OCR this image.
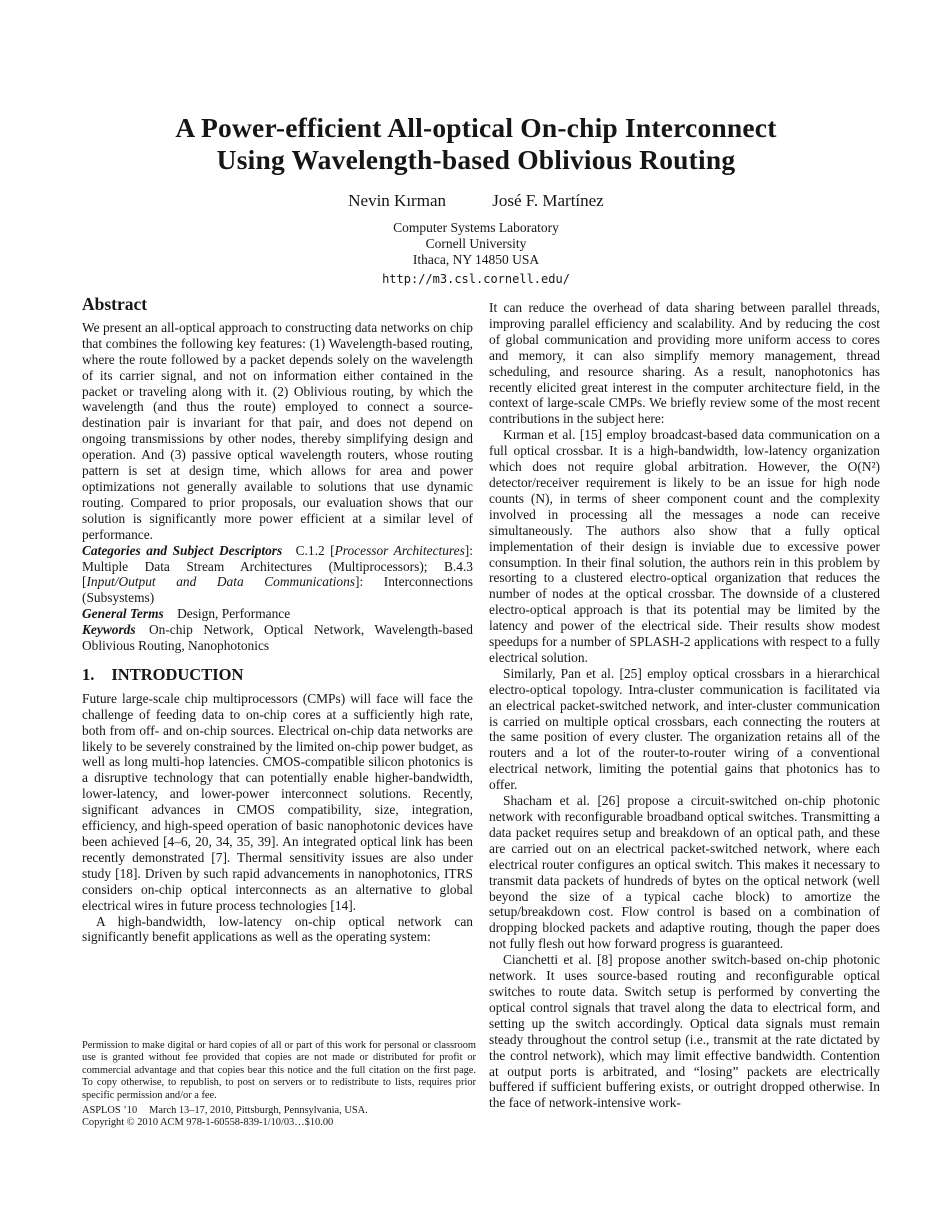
A Power-efficient All-optical On-chip Interconnect
Using Wavelength-based Oblivious Routing
Nevin Kırman	José F. Martínez
Computer Systems Laboratory
Cornell University
Ithaca, NY 14850 USA
http://m3.csl.cornell.edu/
Abstract

We present an all-optical approach to constructing data networks on chip that combines the following key features: (1) Wavelength-based routing, where the route followed by a packet depends solely on the wavelength of its carrier signal, and not on information either contained in the packet or traveling along with it. (2) Oblivious routing, by which the wavelength (and thus the route) employed to connect a source-destination pair is invariant for that pair, and does not depend on ongoing transmissions by other nodes, thereby simplifying design and operation. And (3) passive optical wavelength routers, whose routing pattern is set at design time, which allows for area and power optimizations not generally available to solutions that use dynamic routing. Compared to prior proposals, our evaluation shows that our solution is significantly more power efficient at a similar level of performance.

Categories and Subject Descriptors C.1.2 [Processor Architectures]: Multiple Data Stream Architectures (Multiprocessors); B.4.3 [Input/Output and Data Communications]: Interconnections (Subsystems)

General Terms Design, Performance

Keywords On-chip Network, Optical Network, Wavelength-based Oblivious Routing, Nanophotonics

1. INTRODUCTION

Future large-scale chip multiprocessors (CMPs) will face will face the challenge of feeding data to on-chip cores at a sufficiently high rate, both from off- and on-chip sources. Electrical on-chip data networks are likely to be severely constrained by the limited on-chip power budget, as well as long multi-hop latencies. CMOS-compatible silicon photonics is a disruptive technology that can potentially enable higher-bandwidth, lower-latency, and lower-power interconnect solutions. Recently, significant advances in CMOS compatibility, size, integration, efficiency, and high-speed operation of basic nanophotonic devices have been achieved [4–6, 20, 34, 35, 39]. An integrated optical link has been recently demonstrated [7]. Thermal sensitivity issues are also under study [18]. Driven by such rapid advancements in nanophotonics, ITRS considers on-chip optical interconnects as an alternative to global electrical wires in future process technologies [14].

A high-bandwidth, low-latency on-chip optical network can significantly benefit applications as well as the operating system:

It can reduce the overhead of data sharing between parallel threads, improving parallel efficiency and scalability. And by reducing the cost of global communication and providing more uniform access to cores and memory, it can also simplify memory management, thread scheduling, and resource sharing. As a result, nanophotonics has recently elicited great interest in the computer architecture field, in the context of large-scale CMPs. We briefly review some of the most recent contributions in the subject here:

Kırman et al. [15] employ broadcast-based data communication on a full optical crossbar. It is a high-bandwidth, low-latency organization which does not require global arbitration. However, the O(N²) detector/receiver requirement is likely to be an issue for high node counts (N), in terms of sheer component count and the complexity involved in processing all the messages a node can receive simultaneously. The authors also show that a fully optical implementation of their design is inviable due to excessive power consumption. In their final solution, the authors rein in this problem by resorting to a clustered electro-optical organization that reduces the number of nodes at the optical crossbar. The downside of a clustered electro-optical approach is that its potential may be limited by the latency and power of the electrical side. Their results show modest speedups for a number of SPLASH-2 applications with respect to a fully electrical solution.

Similarly, Pan et al. [25] employ optical crossbars in a hierarchical electro-optical topology. Intra-cluster communication is facilitated via an electrical packet-switched network, and inter-cluster communication is carried on multiple optical crossbars, each connecting the routers at the same position of every cluster. The organization retains all of the routers and a lot of the router-to-router wiring of a conventional electrical network, limiting the potential gains that photonics has to offer.

Shacham et al. [26] propose a circuit-switched on-chip photonic network with reconfigurable broadband optical switches. Transmitting a data packet requires setup and breakdown of an optical path, and these are carried out on an electrical packet-switched network, where each electrical router configures an optical switch. This makes it necessary to transmit data packets of hundreds of bytes on the optical network (well beyond the size of a typical cache block) to amortize the setup/breakdown cost. Flow control is based on a combination of dropping blocked packets and adaptive routing, though the paper does not fully flesh out how forward progress is guaranteed.

Cianchetti et al. [8] propose another switch-based on-chip photonic network. It uses source-based routing and reconfigurable optical switches to route data. Switch setup is performed by converting the optical control signals that travel along the data to electrical form, and setting up the switch accordingly. Optical data signals must remain steady throughout the control setup (i.e., transmit at the rate dictated by the control network), which may limit effective bandwidth. Contention at output ports is arbitrated, and “losing” packets are electrically buffered if sufficient buffering exists, or outright dropped otherwise. In the face of network-intensive work-

Permission to make digital or hard copies of all or part of this work for personal or classroom use is granted without fee provided that copies are not made or distributed for profit or commercial advantage and that copies bear this notice and the full citation on the first page. To copy otherwise, to republish, to post on servers or to redistribute to lists, requires prior specific permission and/or a fee.

ASPLOS ’10 March 13–17, 2010, Pittsburgh, Pennsylvania, USA.

Copyright © 2010 ACM 978-1-60558-839-1/10/03…$10.00
